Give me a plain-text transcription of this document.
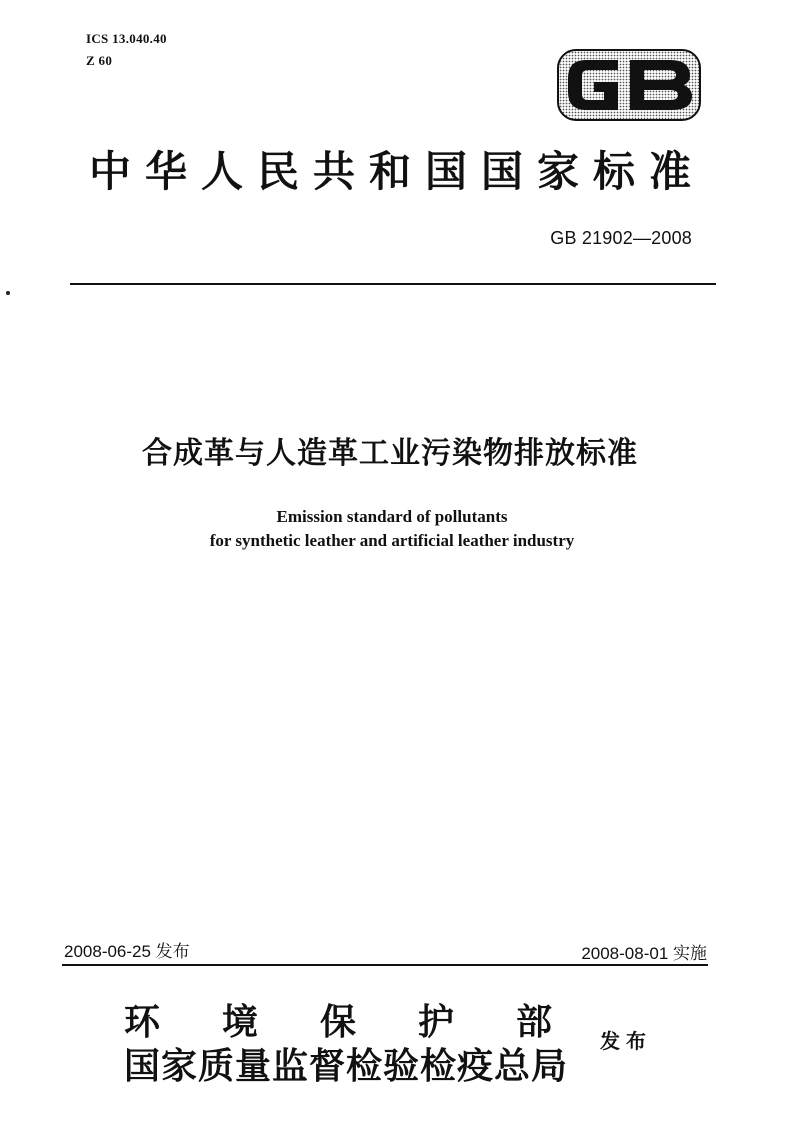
ICS 13.040.40
Z 60
中华人民共和国国家标准
GB 21902—2008
合成革与人造革工业污染物排放标准
Emission standard of pollutants
for synthetic leather and artificial leather industry
2008-06-25 发布	2008-08-01 实施
环 境 保 护 部
国家质量监督检验检疫总局
发布
